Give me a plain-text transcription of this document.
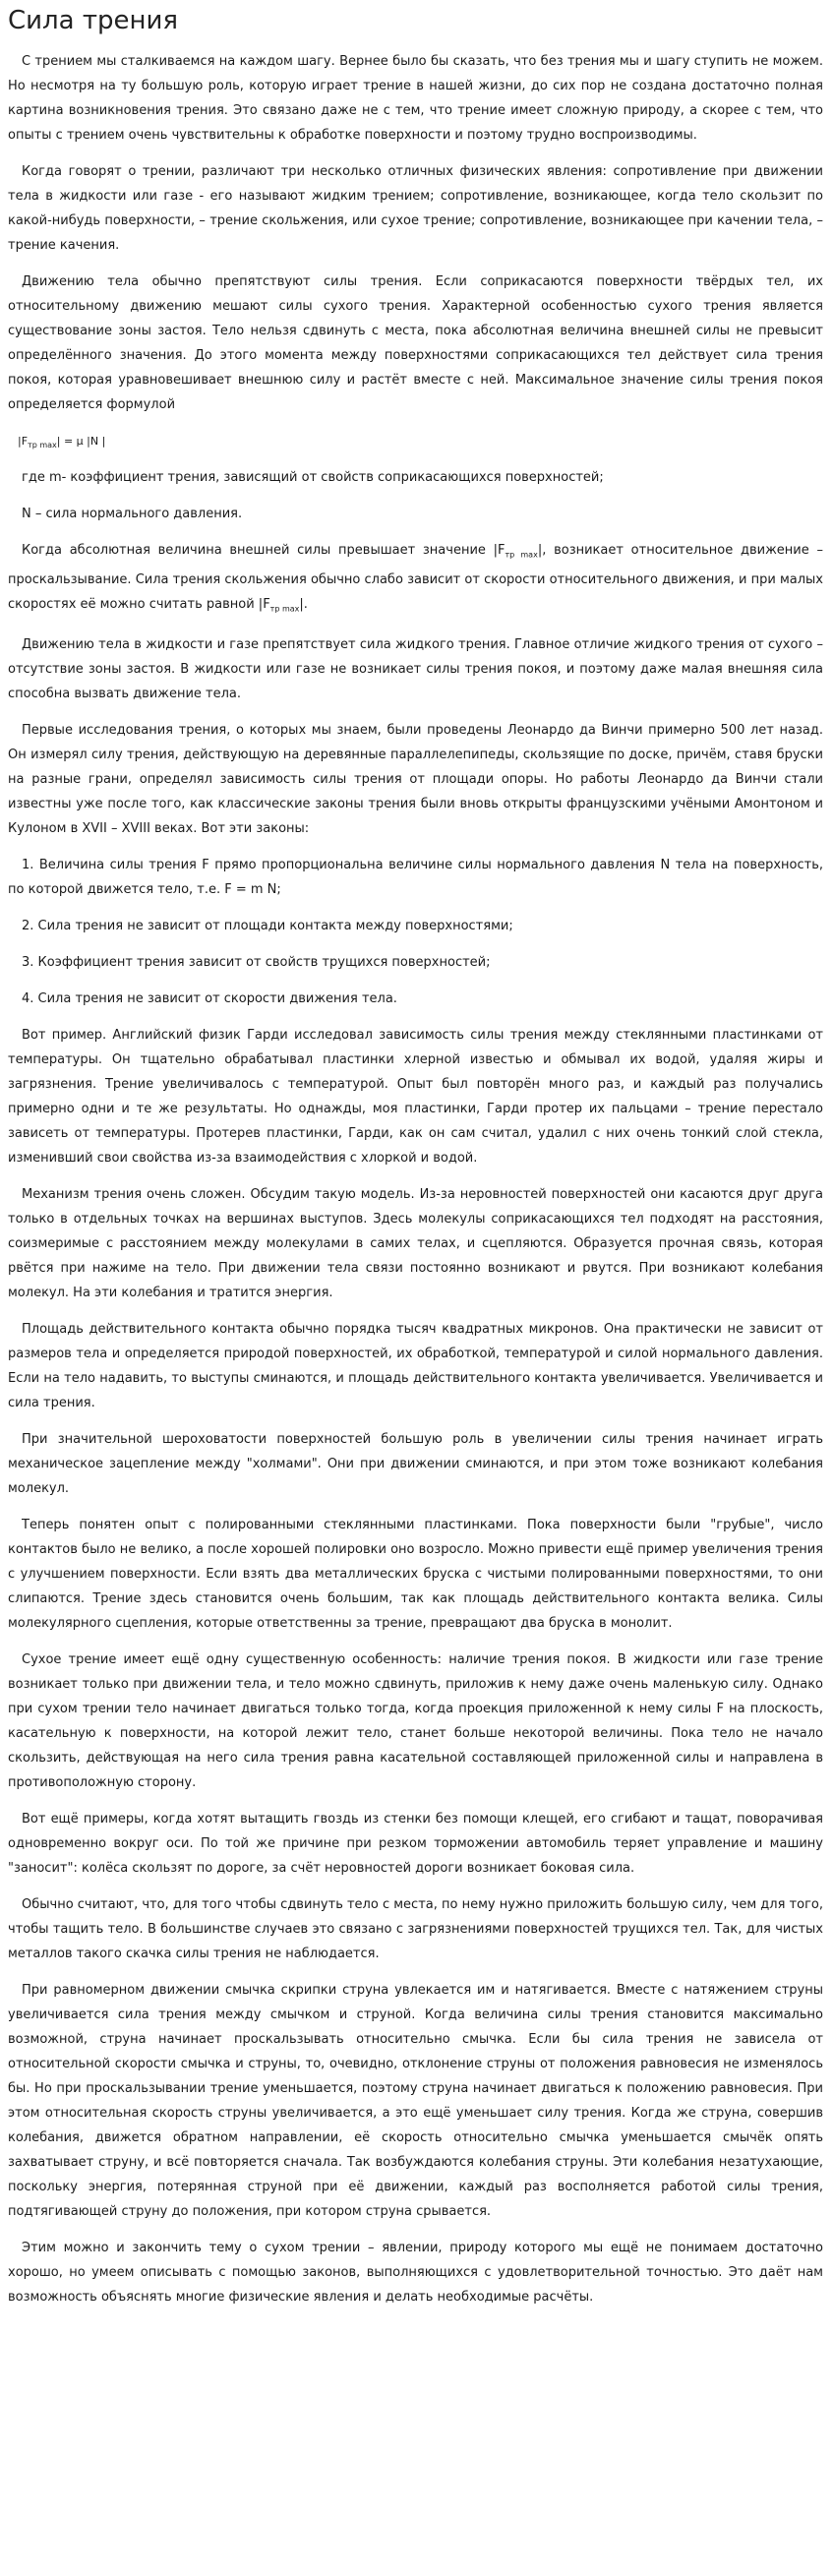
Сила трения

С трением мы сталкиваемся на каждом шагу. Вернее было бы сказать, что без трения мы и шагу ступить не можем. Но несмотря на ту большую роль, которую играет трение в нашей жизни, до сих пор не создана достаточно полная картина возникновения трения. Это связано даже не с тем, что трение имеет сложную природу, а скорее с тем, что опыты с трением очень чувствительны к обработке поверхности и поэтому трудно воспроизводимы.

Когда говорят о трении, различают три несколько отличных физических явления: сопротивление при движении тела в жидкости или газе - его называют жидким трением; сопротивление, возникающее, когда тело скользит по какой-нибудь поверхности, – трение скольжения, или сухое трение; сопротивление, возникающее при качении тела, – трение качения.

Движению тела обычно препятствуют силы трения. Если соприкасаются поверхности твёрдых тел, их относительному движению мешают силы сухого трения. Характерной особенностью сухого трения является существование зоны застоя. Тело нельзя сдвинуть с места, пока абсолютная величина внешней силы не превысит определённого значения. До этого момента между поверхностями соприкасающихся тел действует сила трения покоя, которая уравновешивает внешнюю силу и растёт вместе с ней. Максимальное значение силы трения покоя определяется формулой

$|F_{тр max}| = \mu$ |N |

где m- коэффициент трения, зависящий от свойств соприкасающихся поверхностей;

N – сила нормального давления.

Когда абсолютная величина внешней силы превышает значение $|F_{тр max}|$, возникает относительное движение – проскальзывание. Сила трения скольжения обычно слабо зависит от скорости относительного движения, и при малых скоростях её можно считать равной $|F_{тр max}|$.

Движению тела в жидкости и газе препятствует сила жидкого трения. Главное отличие жидкого трения от сухого – отсутствие зоны застоя. В жидкости или газе не возникает силы трения покоя, и поэтому даже малая внешняя сила способна вызвать движение тела.

Первые исследования трения, о которых мы знаем, были проведены Леонардо да Винчи примерно 500 лет назад. Он измерял силу трения, действующую на деревянные параллелепипеды, скользящие по доске, причём, ставя бруски на разные грани, определял зависимость силы трения от площади опоры. Но работы Леонардо да Винчи стали известны уже после того, как классические законы трения были вновь открыты французскими учёными Амонтоном и Кулоном в XVII – XVIII веках. Вот эти законы:

1. Величина силы трения F прямо пропорциональна величине силы нормального давления N тела на поверхность, по которой движется тело, т.е. F = m N;

2. Сила трения не зависит от площади контакта между поверхностями;

3. Коэффициент трения зависит от свойств трущихся поверхностей;

4. Сила трения не зависит от скорости движения тела.

Вот пример. Английский физик Гарди исследовал зависимость силы трения между стеклянными пластинками от температуры. Он тщательно обрабатывал пластинки хлерной известью и обмывал их водой, удаляя жиры и загрязнения. Трение увеличивалось с температурой. Опыт был повторён много раз, и каждый раз получались примерно одни и те же результаты. Но однажды, моя пластинки, Гарди протер их пальцами – трение перестало зависеть от температуры. Протерев пластинки, Гарди, как он сам считал, удалил с них очень тонкий слой стекла, изменивший свои свойства из-за взаимодействия с хлоркой и водой.

Механизм трения очень сложен. Обсудим такую модель. Из-за неровностей поверхностей они касаются друг друга только в отдельных точках на вершинах выступов. Здесь молекулы соприкасающихся тел подходят на расстояния, соизмеримые с расстоянием между молекулами в самих телах, и сцепляются. Образуется прочная связь, которая рвётся при нажиме на тело. При движении тела связи постоянно возникают и рвутся. При возникают колебания молекул. На эти колебания и тратится энергия.

Площадь действительного контакта обычно порядка тысяч квадратных микронов. Она практически не зависит от размеров тела и определяется природой поверхностей, их обработкой, температурой и силой нормального давления. Если на тело надавить, то выступы сминаются, и площадь действительного контакта увеличивается. Увеличивается и сила трения.

При значительной шероховатости поверхностей большую роль в увеличении силы трения начинает играть механическое зацепление между "холмами". Они при движении сминаются, и при этом тоже возникают колебания молекул.

Теперь понятен опыт с полированными стеклянными пластинками. Пока поверхности были "грубые", число контактов было не велико, а после хорошей полировки оно возросло. Можно привести ещё пример увеличения трения с улучшением поверхности. Если взять два металлических бруска с чистыми полированными поверхностями, то они слипаются. Трение здесь становится очень большим, так как площадь действительного контакта велика. Силы молекулярного сцепления, которые ответственны за трение, превращают два бруска в монолит.

Сухое трение имеет ещё одну существенную особенность: наличие трения покоя. В жидкости или газе трение возникает только при движении тела, и тело можно сдвинуть, приложив к нему даже очень маленькую силу. Однако при сухом трении тело начинает двигаться только тогда, когда проекция приложенной к нему силы F на плоскость, касательную к поверхности, на которой лежит тело, станет больше некоторой величины. Пока тело не начало скользить, действующая на него сила трения равна касательной составляющей приложенной силы и направлена в противоположную сторону.

Вот ещё примеры, когда хотят вытащить гвоздь из стенки без помощи клещей, его сгибают и тащат, поворачивая одновременно вокруг оси. По той же причине при резком торможении автомобиль теряет управление и машину "заносит": колёса скользят по дороге, за счёт неровностей дороги возникает боковая сила.

Обычно считают, что, для того чтобы сдвинуть тело с места, по нему нужно приложить большую силу, чем для того, чтобы тащить тело. В большинстве случаев это связано с загрязнениями поверхностей трущихся тел. Так, для чистых металлов такого скачка силы трения не наблюдается.

При равномерном движении смычка скрипки струна увлекается им и натягивается. Вместе с натяжением струны увеличивается сила трения между смычком и струной. Когда величина силы трения становится максимально возможной, струна начинает проскальзывать относительно смычка. Если бы сила трения не зависела от относительной скорости смычка и струны, то, очевидно, отклонение струны от положения равновесия не изменялось бы. Но при проскальзывании трение уменьшается, поэтому струна начинает двигаться к положению равновесия. При этом относительная скорость струны увеличивается, а это ещё уменьшает силу трения. Когда же струна, совершив колебания, движется обратном направлении, её скорость относительно смычка уменьшается смычёк опять захватывает струну, и всё повторяется сначала. Так возбуждаются колебания струны. Эти колебания незатухающие, поскольку энергия, потерянная струной при её движении, каждый раз восполняется работой силы трения, подтягивающей струну до положения, при котором струна срывается.

Этим можно и закончить тему о сухом трении – явлении, природу которого мы ещё не понимаем достаточно хорошо, но умеем описывать с помощью законов, выполняющихся с удовлетворительной точностью. Это даёт нам возможность объяснять многие физические явления и делать необходимые расчёты.
